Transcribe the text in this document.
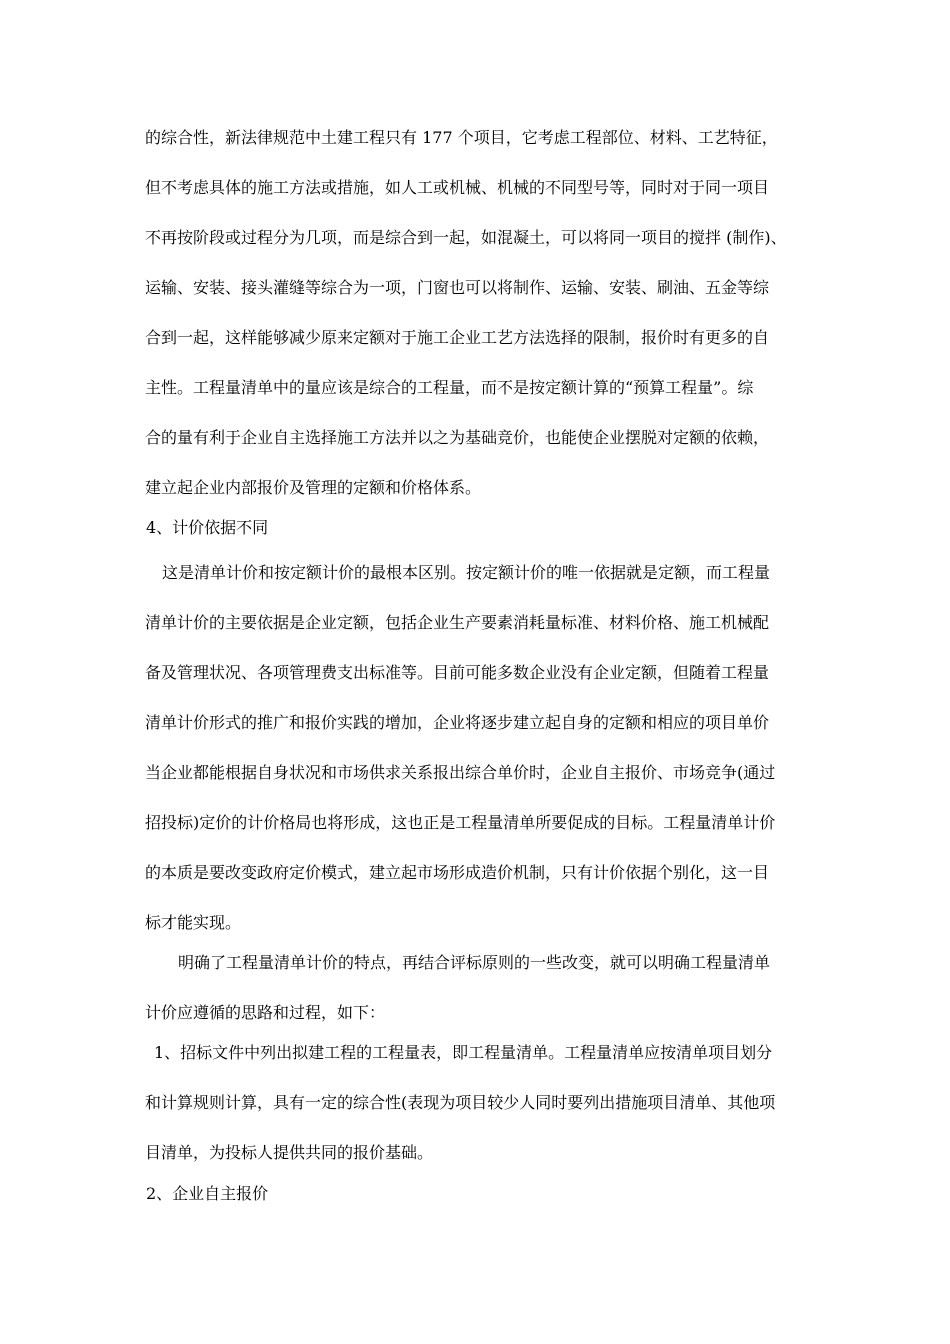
的综合性，新法律规范中土建工程只有 177 个项目，它考虑工程部位、材料、工艺特征，
但不考虑具体的施工方法或措施，如人工或机械、机械的不同型号等，同时对于同一项目
不再按阶段或过程分为几项，而是综合到一起，如混凝土，可以将同一项目的搅拌 (制作)、
运输、安装、接头灌缝等综合为一项，门窗也可以将制作、运输、安装、刷油、五金等综
合到一起，这样能够减少原来定额对于施工企业工艺方法选择的限制，报价时有更多的自
主性。工程量清单中的量应该是综合的工程量，而不是按定额计算的“预算工程量”。综
合的量有利于企业自主选择施工方法并以之为基础竞价，也能使企业摆脱对定额的依赖，
建立起企业内部报价及管理的定额和价格体系。
4、计价依据不同
这是清单计价和按定额计价的最根本区别。按定额计价的唯一依据就是定额，而工程量
清单计价的主要依据是企业定额，包括企业生产要素消耗量标准、材料价格、施工机械配
备及管理状况、各项管理费支出标准等。目前可能多数企业没有企业定额，但随着工程量
清单计价形式的推广和报价实践的增加，企业将逐步建立起自身的定额和相应的项目单价
当企业都能根据自身状况和市场供求关系报出综合单价时，企业自主报价、市场竞争(通过
招投标)定价的计价格局也将形成，这也正是工程量清单所要促成的目标。工程量清单计价
的本质是要改变政府定价模式，建立起市场形成造价机制，只有计价依据个别化，这一目
标才能实现。
明确了工程量清单计价的特点，再结合评标原则的一些改变，就可以明确工程量清单
计价应遵循的思路和过程，如下：
1、招标文件中列出拟建工程的工程量表，即工程量清单。工程量清单应按清单项目划分
和计算规则计算，具有一定的综合性(表现为项目较少人同时要列出措施项目清单、其他项
目清单，为投标人提供共同的报价基础。
2、企业自主报价
